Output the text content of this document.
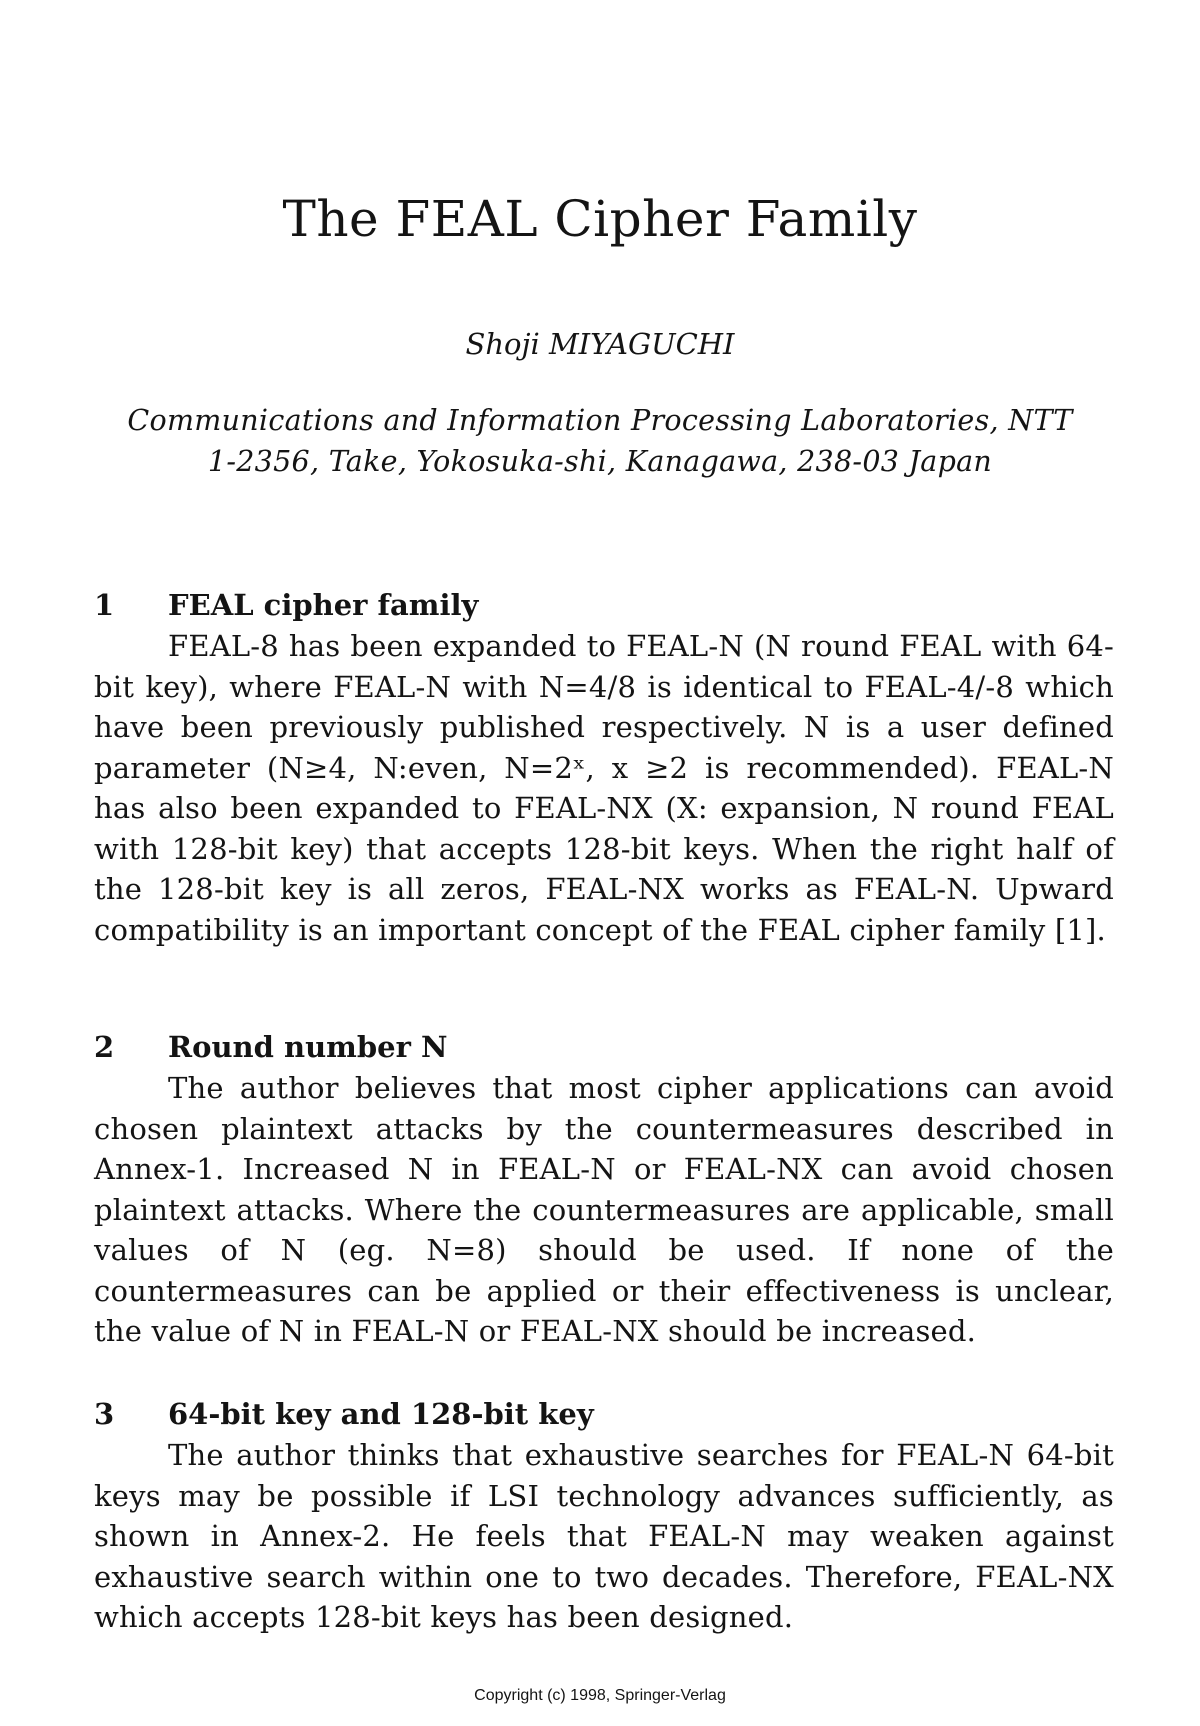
The FEAL Cipher Family

Shoji MIYAGUCHI

Communications and Information Processing Laboratories, NTT
1-2356, Take, Yokosuka-shi, Kanagawa, 238-03 Japan
1 FEAL cipher family

FEAL-8 has been expanded to FEAL-N (N round FEAL with 64-bit key), where FEAL-N with N=4/8 is identical to FEAL-4/-8 which have been previously published respectively. N is a user defined parameter (N≥4, N:even, N=2ˣ, x ≥2 is recommended). FEAL-N has also been expanded to FEAL-NX (X: expansion, N round FEAL with 128-bit key) that accepts 128-bit keys. When the right half of the 128-bit key is all zeros, FEAL-NX works as FEAL-N. Upward compatibility is an important concept of the FEAL cipher family [1].

2 Round number N

The author believes that most cipher applications can avoid chosen plaintext attacks by the countermeasures described in Annex-1. Increased N in FEAL-N or FEAL-NX can avoid chosen plaintext attacks. Where the countermeasures are applicable, small values of N (eg. N=8) should be used. If none of the countermeasures can be applied or their effectiveness is unclear, the value of N in FEAL-N or FEAL-NX should be increased.

3 64-bit key and 128-bit key

The author thinks that exhaustive searches for FEAL-N 64-bit keys may be possible if LSI technology advances sufficiently, as shown in Annex-2. He feels that FEAL-N may weaken against exhaustive search within one to two decades. Therefore, FEAL-NX which accepts 128-bit keys has been designed.

Copyright (c) 1998, Springer-Verlag
